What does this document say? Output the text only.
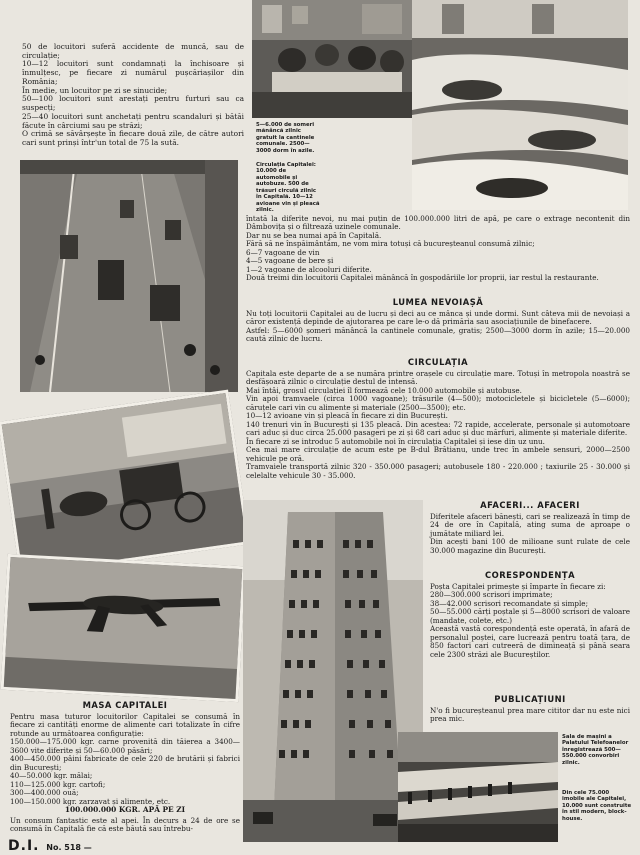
50 de locuitori suferă accidente de muncă, sau de circulație;

10—12 locuitori sunt condamnați la închisoare și înmulțesc, pe fiecare zi numărul pușcăriașilor din România;

În medie, un locuitor pe zi se sinucide;

50—100 locuitori sunt arestați pentru furturi sau ca suspecți;

25—40 locuitori sunt anchetați pentru scandaluri și bătăi făcute în cârciumi sau pe străzi;

O crimă se săvârșește în fiecare două zile, de către autori cari sunt prinși într'un total de 75 la sută.

5—6.000 de someri mănâncă zilnic gratuit la cantinele comunale. 2500—3000 dorm în azile.
Circulația Capitalei: 10.000 de automobile și autobuze. 500 de trăsuri circulă zilnic în Capitală. 10—12 avioane vin și pleacă zilnic.

întată la diferite nevoi, nu mai puțin de 100.000.000 litri de apă, pe care o extrage necontenit din Dâmbovița și o filtrează uzinele comunale.

Dar nu se bea numai apă în Capitală.

Fără să ne înspăimântăm, ne vom mira totuși că bucureșteanul consumă zilnic;

6—7 vagoane de vin

4—5 vagoane de bere și

1—2 vagoane de alcooluri diferite.

Două treimi din locuitorii Capitalei mănâncă în gospodăriile lor proprii, iar restul la restaurante.

LUMEA NEVOIAȘĂ

Nu toți locuitorii Capitalei au de lucru și deci au ce mânca și unde dormi. Sunt câteva mii de nevoiași a căror existență depinde de ajutorarea pe care le-o dă primăria sau asociațiunile de binefacere.

Astfel: 5—6000 șomeri mănâncă la cantinele comunale, gratis; 2500—3000 dorm în azile; 15—20.000 caută zilnic de lucru.

CIRCULAȚIA

Capitala este departe de a se număra printre orașele cu circulație mare. Totuși în metropola noastră se desfășoară zilnic o circulație destul de intensă.

Mai întâi, grosul circulației îl formează cele 10.000 automobile și autobuse.

Vin apoi tramvaele (circa 1000 vagoane); trăsurile (4—500); motocicletele și bicicletele (5—6000); căruțele cari vin cu alimente și materiale (2500—3500); etc.

10—12 avioane vin și pleacă în fiecare zi din București.

140 trenuri vin în București și 135 pleacă. Din acestea: 72 rapide, accelerate, personale și automotoare cari aduc și duc circa 25.000 pasageri pe zi și 68 cari aduc și duc mărfuri, alimente și materiale diferite.

În fiecare zi se introduc 5 automobile noi în circulația Capitalei și iese din uz unu.

Cea mai mare circulație de acum este pe B-dul Brătianu, unde trec în ambele sensuri, 2000—2500 vehicule pe oră.

Tramvaiele transportă zilnic 320 - 350.000 pasageri; autobusele 180 - 220.000 ; taxiurile 25 - 30.000 și celelalte vehicule 30 - 35.000.

MASA CAPITALEI

Pentru masa tuturor locuitorilor Capitalei se consumă în fiecare zi cantități enorme de alimente cari totalizate în cifre rotunde au următoarea configurație:

150.000—175.000 kgr. carne provenită din tăierea a 3400—3600 vite diferite și 50—60.000 păsări;

400—450.000 pâini fabricate de cele 220 de brutării și fabrici din București;

40—50.000 kgr. mălai;

110—125.000 kgr. cartofi;

300—400.000 ouă;

100—150.000 kgr. zarzavat și alimente, etc.

100.000.000 KGR. APĂ PE ZI

Un consum fantastic este al apei. În decurs a 24 de ore se consumă în Capitală fie că este băută sau întrebu-

AFACERI... AFACERI

Diferitele afaceri bănești, cari se realizează în timp de 24 de ore în Capitală, ating suma de aproape o jumătate miliard lei.

Din acești bani 100 de milioane sunt rulate de cele 30.000 magazine din București.

CORESPONDENȚA

Poșta Capitalei primește și împarte în fiecare zi:

280—300.000 scrisori imprimate;

38—42.000 scrisori recomandate și simple;

50—55.000 cărți poștale și 5—8000 scrisori de valoare (mandate, colete, etc.)

Această vastă corespondență este operată, în afară de personalul poștei, care lucrează pentru toată țara, de 850 factori cari cutreeră de dimineață și până seara cele 2300 străzi ale Bucureștilor.

PUBLICAȚIUNI

N'o fi bucureșteanul prea mare cititor dar nu este nici prea mic.

Sala de mașini a Palatului Telefoanelor înregistrează 500—550.000 convorbiri zilnic.
Din cele 75.000 imobile ale Capitalei, 10.000 sunt construite în stil modern, block-house.
D.I. No. 518 —
